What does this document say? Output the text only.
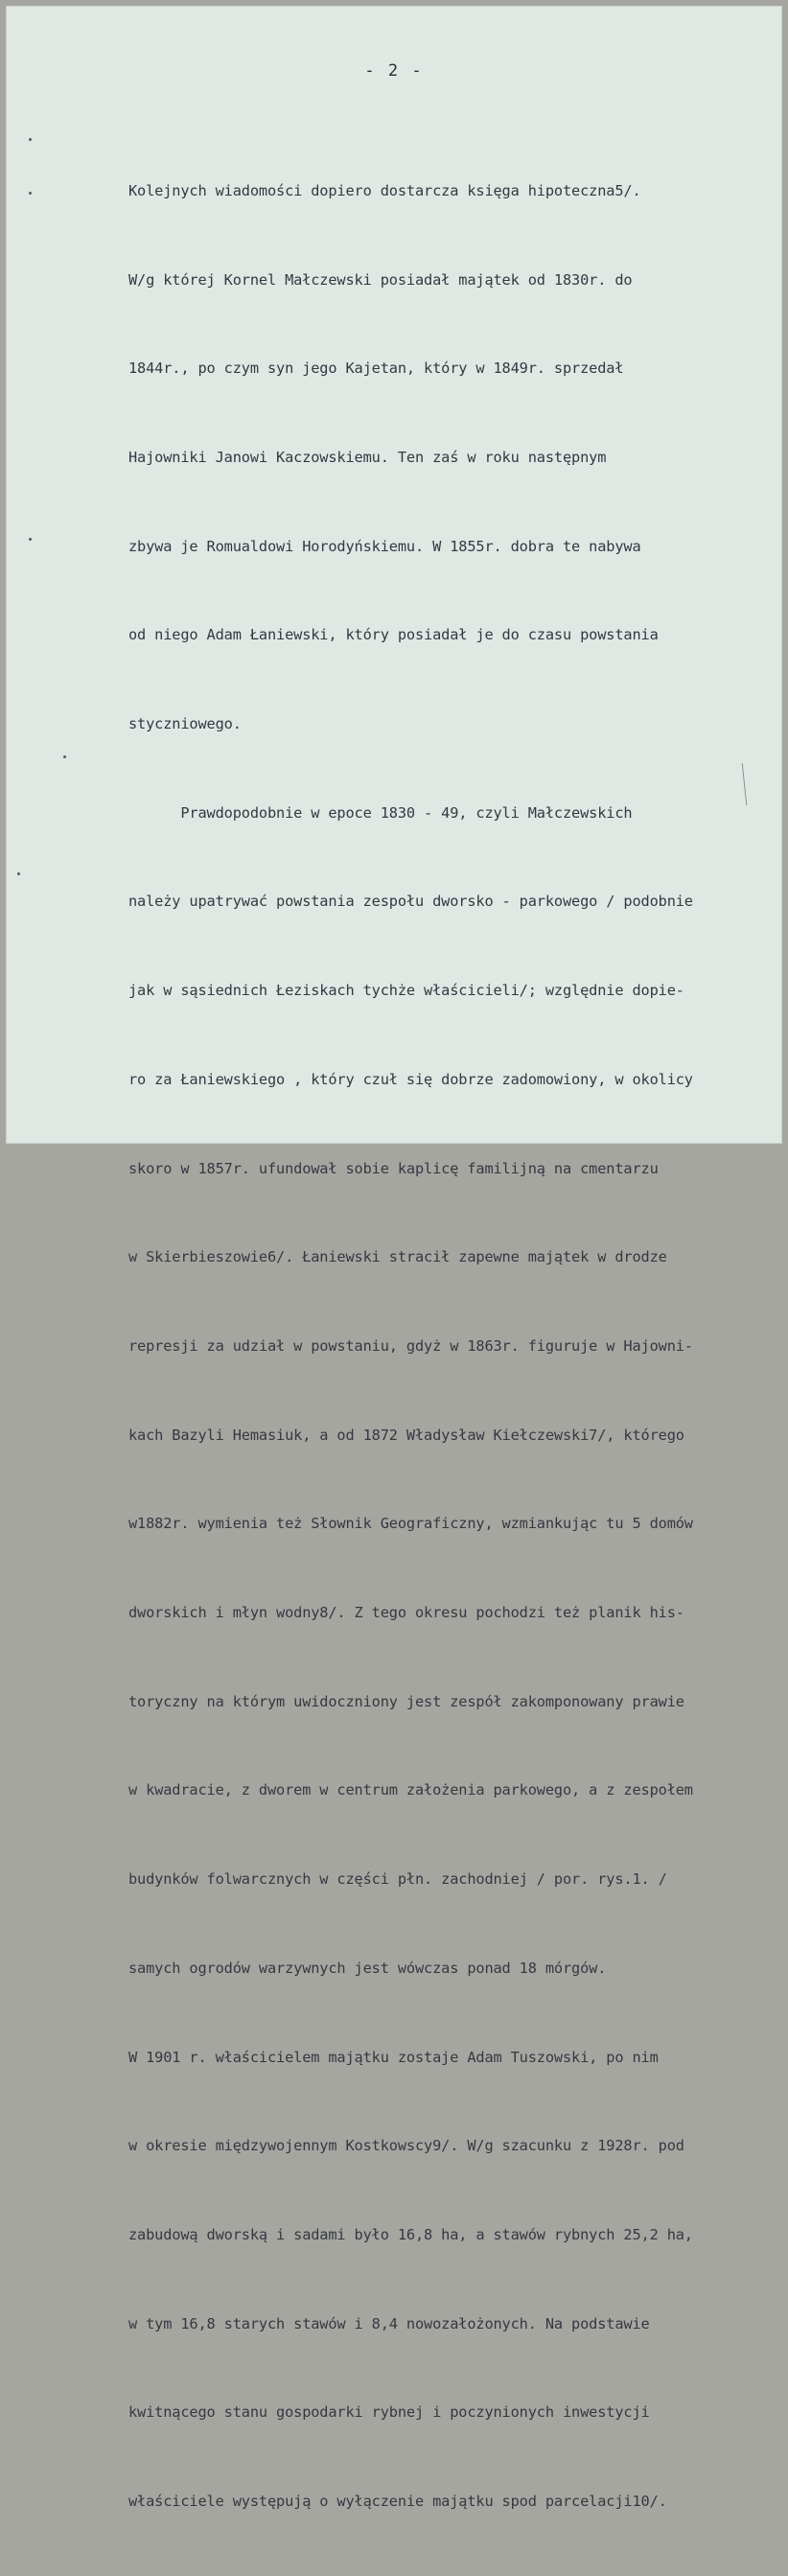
- 2 -

Kolejnych wiadomości dopiero dostarcza księga hipoteczna5/.

W/g której Kornel Małczewski posiadał majątek od 1830r. do

1844r., po czym syn jego Kajetan, który w 1849r. sprzedał

Hajowniki Janowi Kaczowskiemu. Ten zaś w roku następnym

zbywa je Romualdowi Horodyńskiemu. W 1855r. dobra te nabywa

od niego Adam Łaniewski, który posiadał je do czasu powstania

styczniowego.

Prawdopodobnie w epoce 1830 - 49, czyli Małczewskich

należy upatrywać powstania zespołu dworsko - parkowego / podobnie

jak w sąsiednich Łeziskach tychże właścicieli/; względnie dopie-

ro za Łaniewskiego , który czuł się dobrze zadomowiony, w okolicy

skoro w 1857r. ufundował sobie kaplicę familijną na cmentarzu

w Skierbieszowie6/. Łaniewski stracił zapewne majątek w drodze

represji za udział w powstaniu, gdyż w 1863r. figuruje w Hajowni-

kach Bazyli Hemasiuk, a od 1872 Władysław Kiełczewski7/, którego

w1882r. wymienia też Słownik Geograficzny, wzmiankując tu 5 domów

dworskich i młyn wodny8/. Z tego okresu pochodzi też planik his-

toryczny na którym uwidoczniony jest zespół zakomponowany prawie

w kwadracie, z dworem w centrum założenia parkowego, a z zespołem

budynków folwarcznych w części płn. zachodniej / por. rys.1. /

samych ogrodów warzywnych jest wówczas ponad 18 mórgów.

W 1901 r. właścicielem majątku zostaje Adam Tuszowski, po nim

w okresie międzywojennym Kostkowscy9/. W/g szacunku z 1928r. pod

zabudową dworską i sadami było 16,8 ha, a stawów rybnych 25,2 ha,

w tym 16,8 starych stawów i 8,4 nowozałożonych. Na podstawie

kwitnącego stanu gospodarki rybnej i poczynionych inwestycji

właściciele występują o wyłączenie majątku spod parcelacji10/.
